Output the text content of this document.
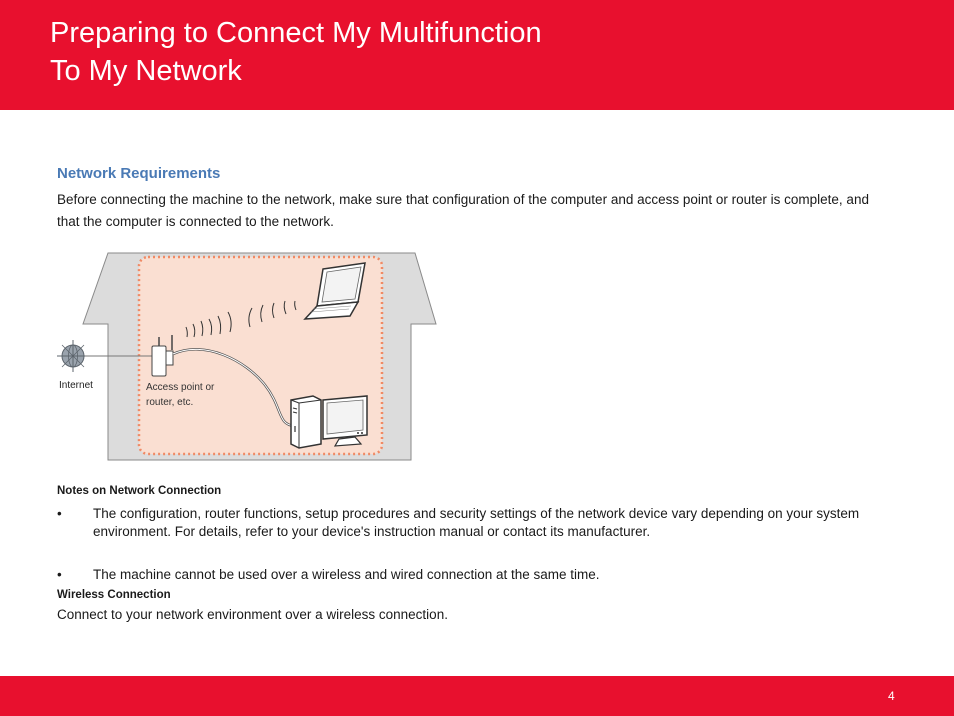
Preparing to Connect My Multifunction
To My Network
Network Requirements
Before connecting the machine to the network, make sure that configuration of the computer and access point or router is complete, and that the computer is connected to the network.
Internet	Access point or
router, etc.
Notes on Network Connection
• The configuration, router functions, setup procedures and security settings of the network device vary depending on your system environment. For details, refer to your device's instruction manual or contact its manufacturer.
• The machine cannot be used over a wireless and wired connection at the same time.
Wireless Connection
Connect to your network environment over a wireless connection.
4
